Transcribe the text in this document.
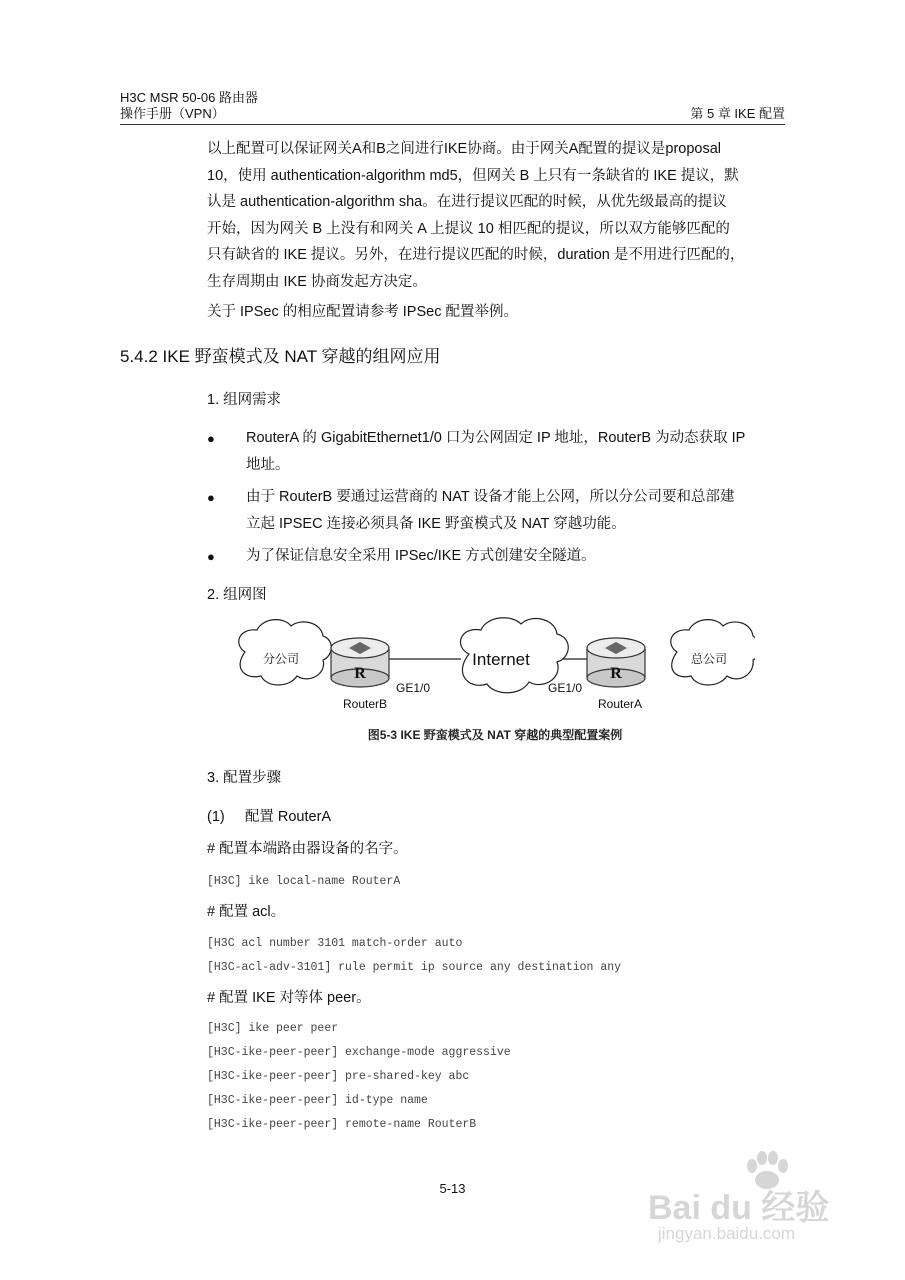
H3C MSR 50-06 路由器
操作手册（VPN）	第 5 章 IKE 配置
以上配置可以保证网关A和B之间进行IKE协商。由于网关A配置的提议是proposal
10，使用 authentication-algorithm md5，但网关 B 上只有一条缺省的 IKE 提议，默
认是 authentication-algorithm sha。在进行提议匹配的时候，从优先级最高的提议
开始，因为网关 B 上没有和网关 A 上提议 10 相匹配的提议，所以双方能够匹配的
只有缺省的 IKE 提议。另外，在进行提议匹配的时候，duration 是不用进行匹配的，
生存周期由 IKE 协商发起方决定。
关于 IPSec 的相应配置请参考 IPSec 配置举例。
5.4.2 IKE 野蛮模式及 NAT 穿越的组网应用
1. 组网需求
● RouterA 的 GigabitEthernet1/0 口为公网固定 IP 地址，RouterB 为动态获取 IP
地址。
● 由于 RouterB 要通过运营商的 NAT 设备才能上公网，所以分公司要和总部建
立起 IPSEC 连接必须具备 IKE 野蛮模式及 NAT 穿越功能。
● 为了保证信息安全采用 IPSec/IKE 方式创建安全隧道。
2. 组网图
R	R
分公司	总公司
Internet
GE1/0	GE1/0
RouterB	RouterA
图5-3 IKE 野蛮模式及 NAT 穿越的典型配置案例
3. 配置步骤
(1)     配置 RouterA
# 配置本端路由器设备的名字。
[H3C] ike local-name RouterA
# 配置 acl。
[H3C acl number 3101 match-order auto
[H3C-acl-adv-3101] rule permit ip source any destination any
# 配置 IKE 对等体 peer。
[H3C] ike peer peer
[H3C-ike-peer-peer] exchange-mode aggressive
[H3C-ike-peer-peer] pre-shared-key abc
[H3C-ike-peer-peer] id-type name
[H3C-ike-peer-peer] remote-name RouterB
5-13
Bai du 经验
jingyan.baidu.com
